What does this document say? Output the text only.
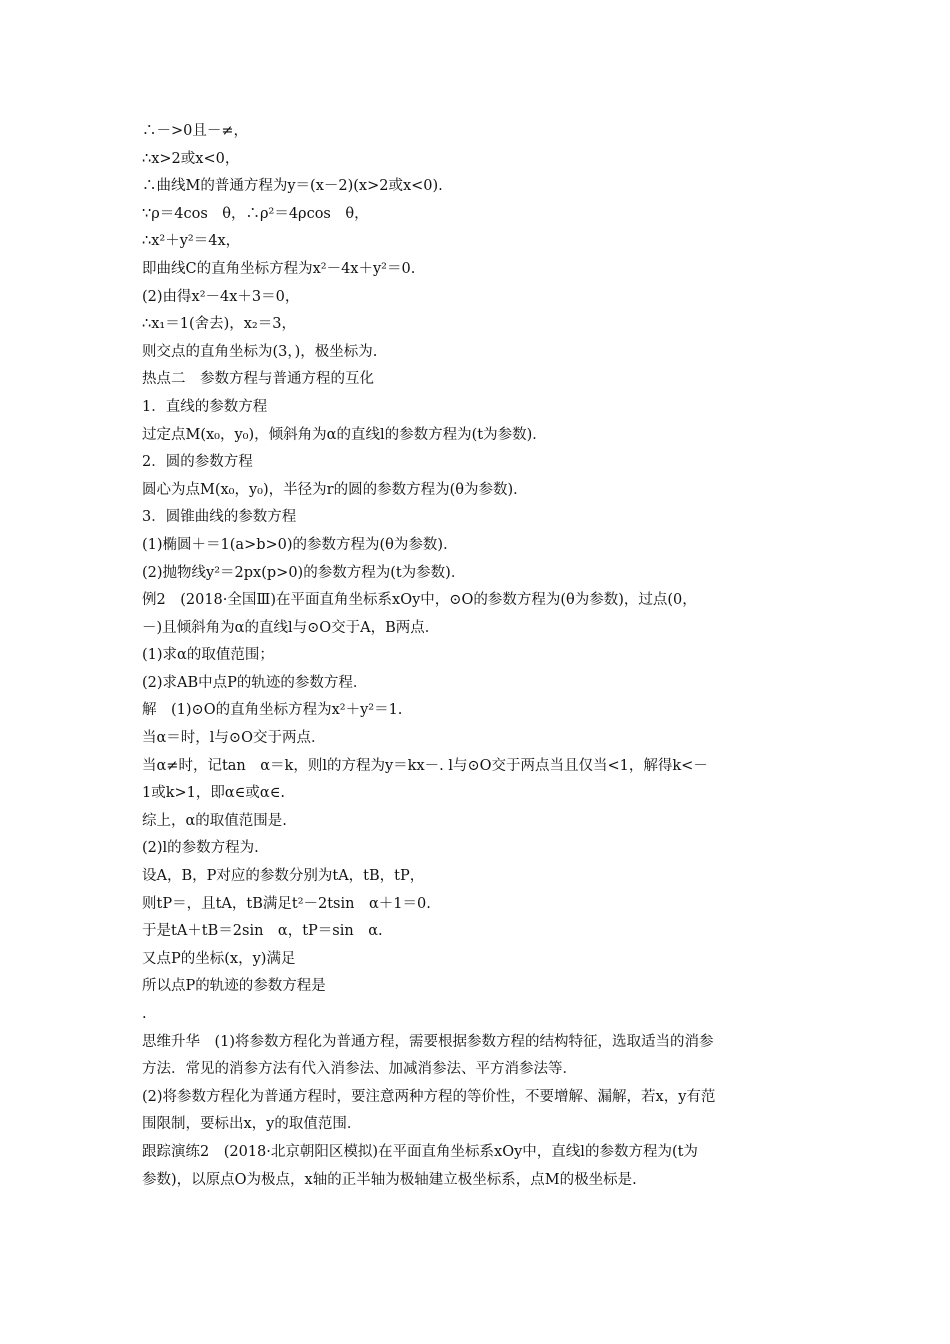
∴－>0且－≠，
∴x>2或x<0，
∴曲线M的普通方程为y＝(x－2)(x>2或x<0).
∵ρ＝4cos　θ，∴ρ²＝4ρcos　θ，
∴x²＋y²＝4x，
即曲线C的直角坐标方程为x²－4x＋y²＝0.
(2)由得x²－4x＋3＝0，
∴x₁＝1(舍去)，x₂＝3，
则交点的直角坐标为(3，)，极坐标为.
热点二　参数方程与普通方程的互化
1．直线的参数方程
过定点M(x₀，y₀)，倾斜角为α的直线l的参数方程为(t为参数)．
2．圆的参数方程
圆心为点M(x₀，y₀)，半径为r的圆的参数方程为(θ为参数)．
3．圆锥曲线的参数方程
(1)椭圆＋＝1(a>b>0)的参数方程为(θ为参数)．
(2)抛物线y²＝2px(p>0)的参数方程为(t为参数)．
例2　(2018·全国Ⅲ)在平面直角坐标系xOy中，⊙O的参数方程为(θ为参数)，过点(0，
－)且倾斜角为α的直线l与⊙O交于A，B两点．
(1)求α的取值范围；
(2)求AB中点P的轨迹的参数方程．
解　(1)⊙O的直角坐标方程为x²＋y²＝1.
当α＝时，l与⊙O交于两点．
当α≠时，记tan　α＝k，则l的方程为y＝kx－. l与⊙O交于两点当且仅当<1，解得k<－
1或k>1，即α∈或α∈.
综上，α的取值范围是.
(2)l的参数方程为.
设A，B，P对应的参数分别为tA，tB，tP，
则tP＝，且tA，tB满足t²－2tsin　α＋1＝0.
于是tA＋tB＝2sin　α，tP＝sin　α.
又点P的坐标(x，y)满足
所以点P的轨迹的参数方程是
.
思维升华　(1)将参数方程化为普通方程，需要根据参数方程的结构特征，选取适当的消参
方法．常见的消参方法有代入消参法、加减消参法、平方消参法等．
(2)将参数方程化为普通方程时，要注意两种方程的等价性，不要增解、漏解，若x，y有范
围限制，要标出x，y的取值范围．
跟踪演练2　(2018·北京朝阳区模拟)在平面直角坐标系xOy中，直线l的参数方程为(t为
参数)，以原点O为极点，x轴的正半轴为极轴建立极坐标系，点M的极坐标是.
